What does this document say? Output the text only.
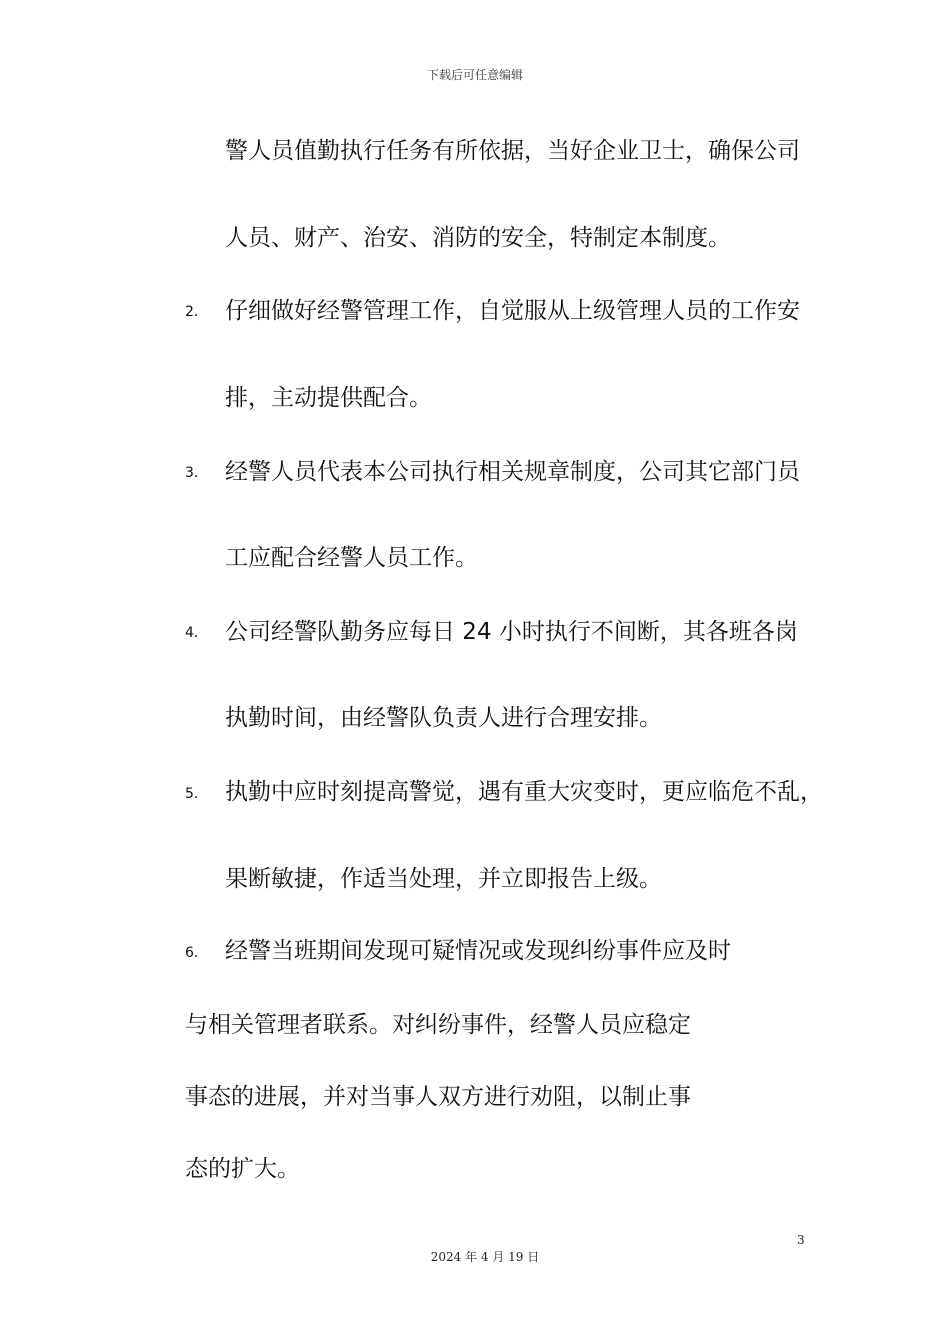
下载后可任意编辑
警人员值勤执行任务有所依据，当好企业卫士，确保公司
人员、财产、治安、消防的安全，特制定本制度。
2． 仔细做好经警管理工作，自觉服从上级管理人员的工作安
排，主动提供配合。
3． 经警人员代表本公司执行相关规章制度，公司其它部门员
工应配合经警人员工作。
4． 公司经警队勤务应每日 24 小时执行不间断，其各班各岗
执勤时间，由经警队负责人进行合理安排。
5． 执勤中应时刻提高警觉，遇有重大灾变时，更应临危不乱，
果断敏捷，作适当处理，并立即报告上级。
6． 经警当班期间发现可疑情况或发现纠纷事件应及时
与相关管理者联系。对纠纷事件，经警人员应稳定
事态的进展，并对当事人双方进行劝阻，以制止事
态的扩大。
3
2024 年 4 月 19 日
